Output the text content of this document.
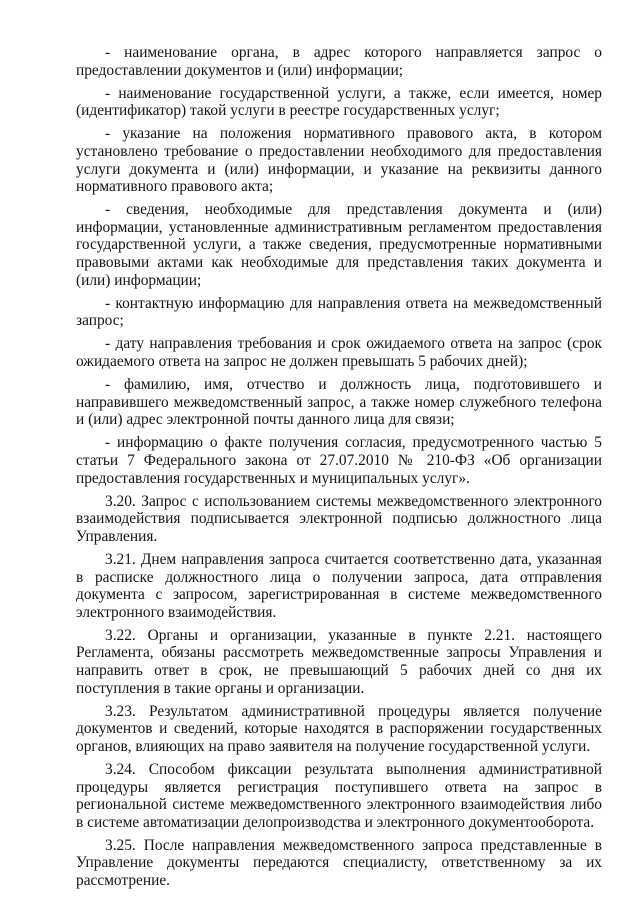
- наименование органа, в адрес которого направляется запрос о предоставлении документов и (или) информации;

- наименование государственной услуги, а также, если имеется, номер (идентификатор) такой услуги в реестре государственных услуг;

- указание на положения нормативного правового акта, в котором установлено требование о предоставлении необходимого для предоставления услуги документа и (или) информации, и указание на реквизиты данного нормативного правового акта;

- сведения, необходимые для представления документа и (или) информации, установленные административным регламентом предоставления государственной услуги, а также сведения, предусмотренные нормативными правовыми актами как необходимые для представления таких документа и (или) информации;

- контактную информацию для направления ответа на межведомственный запрос;

- дату направления требования и срок ожидаемого ответа на запрос (срок ожидаемого ответа на запрос не должен превышать 5 рабочих дней);

- фамилию, имя, отчество и должность лица, подготовившего и направившего межведомственный запрос, а также номер служебного телефона и (или) адрес электронной почты данного лица для связи;

- информацию о факте получения согласия, предусмотренного частью 5 статьи 7 Федерального закона от 27.07.2010 № 210-ФЗ «Об организации предоставления государственных и муниципальных услуг».

3.20. Запрос с использованием системы межведомственного электронного взаимодействия подписывается электронной подписью должностного лица Управления.

3.21. Днем направления запроса считается соответственно дата, указанная в расписке должностного лица о получении запроса, дата отправления документа с запросом, зарегистрированная в системе межведомственного электронного взаимодействия.

3.22. Органы и организации, указанные в пункте 2.21. настоящего Регламента, обязаны рассмотреть межведомственные запросы Управления и направить ответ в срок, не превышающий 5 рабочих дней со дня их поступления в такие органы и организации.

3.23. Результатом административной процедуры является получение документов и сведений, которые находятся в распоряжении государственных органов, влияющих на право заявителя на получение государственной услуги.

3.24. Способом фиксации результата выполнения административной процедуры является регистрация поступившего ответа на запрос в региональной системе межведомственного электронного взаимодействия либо в системе автоматизации делопроизводства и электронного документооборота.

3.25. После направления межведомственного запроса представленные в Управление документы передаются специалисту, ответственному за их рассмотрение.
